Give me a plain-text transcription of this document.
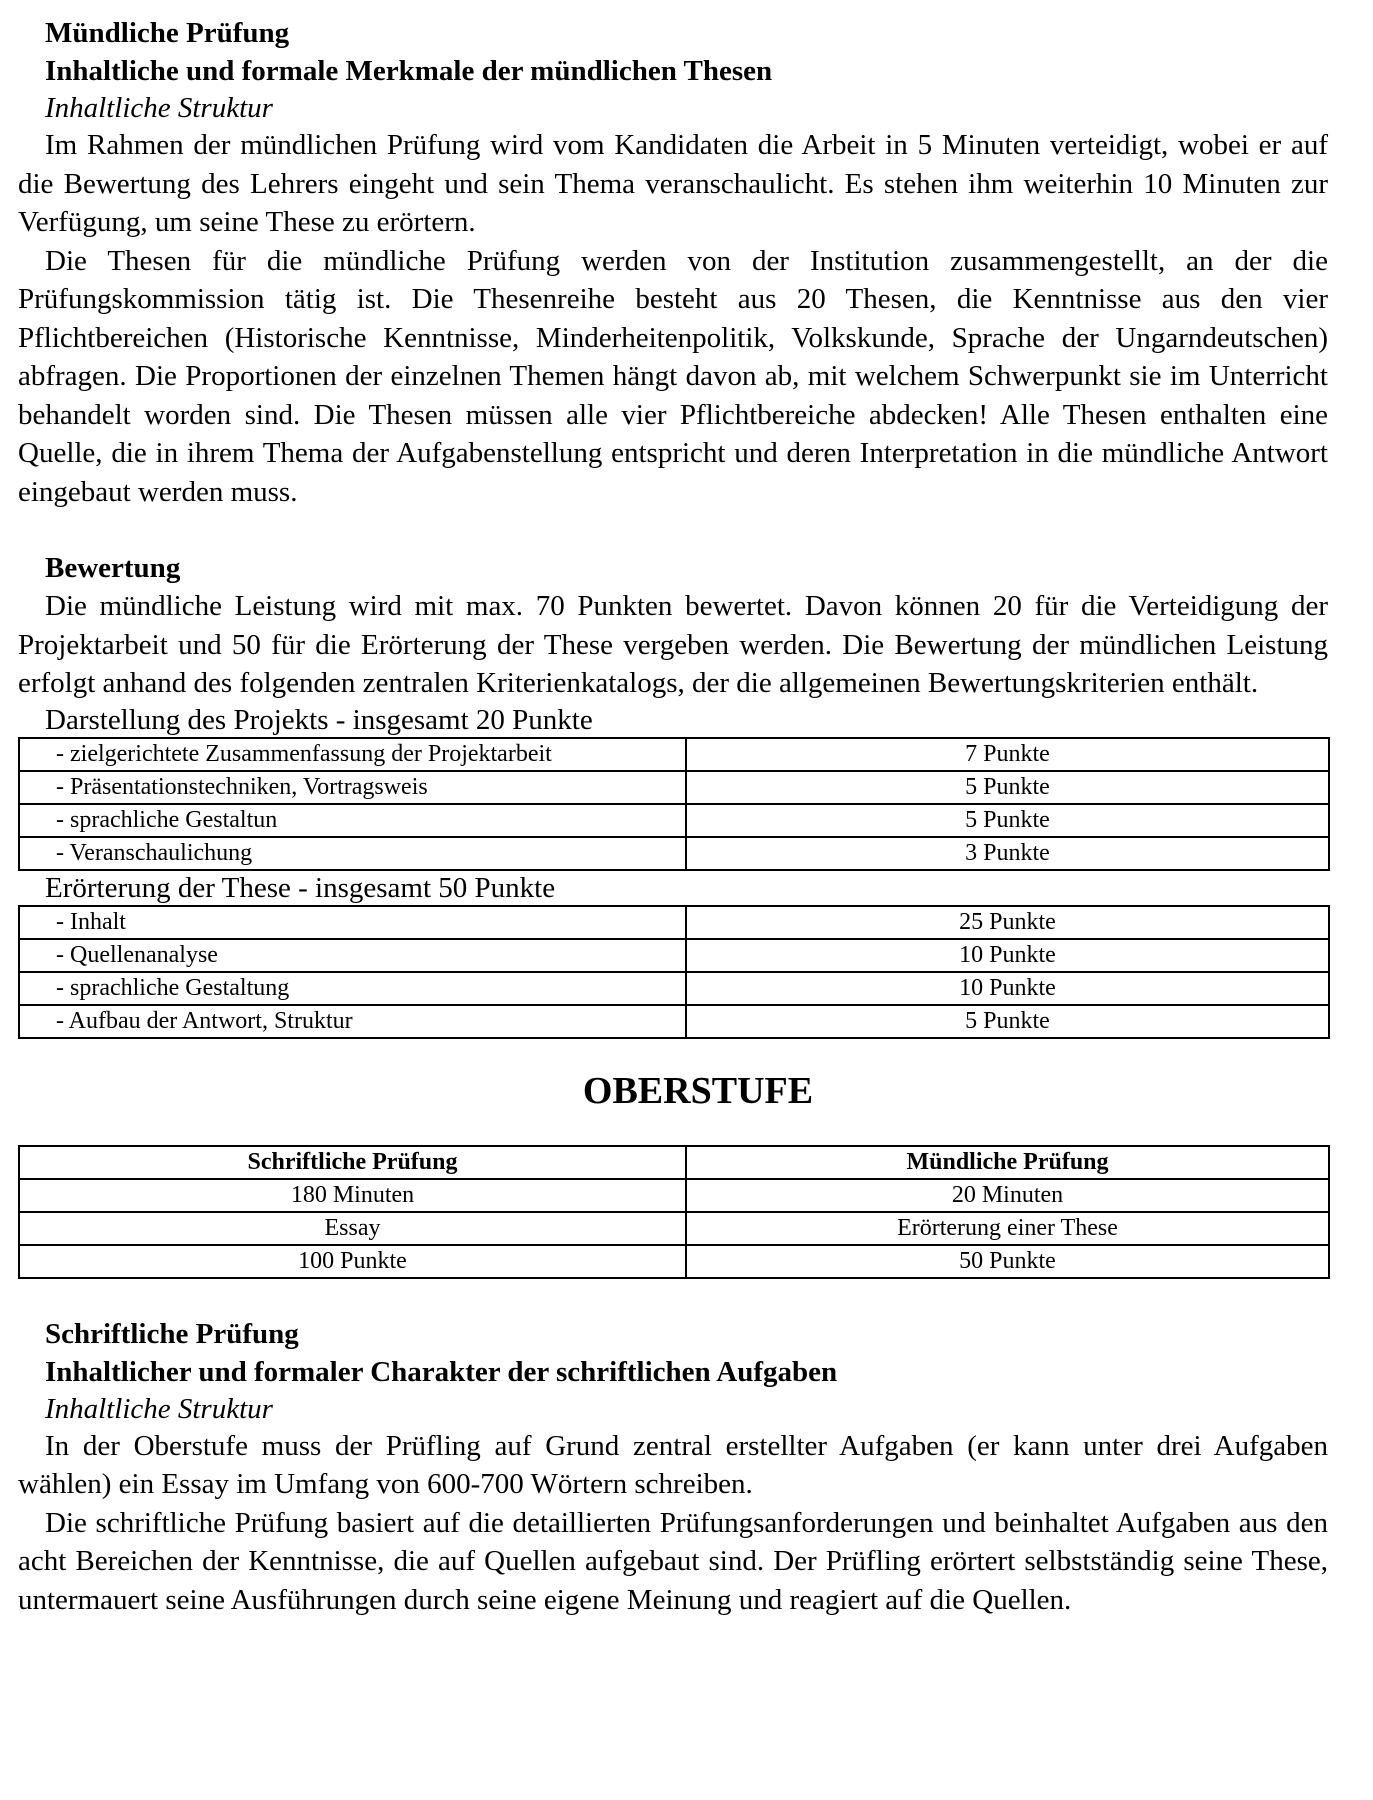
Mündliche Prüfung
Inhaltliche und formale Merkmale der mündlichen Thesen
Inhaltliche Struktur

Im Rahmen der mündlichen Prüfung wird vom Kandidaten die Arbeit in 5 Minuten verteidigt, wobei er auf die Bewertung des Lehrers eingeht und sein Thema veranschaulicht. Es stehen ihm weiterhin 10 Minuten zur Verfügung, um seine These zu erörtern.

Die Thesen für die mündliche Prüfung werden von der Institution zusammengestellt, an der die Prüfungskommission tätig ist. Die Thesenreihe besteht aus 20 Thesen, die Kenntnisse aus den vier Pflichtbereichen (Historische Kenntnisse, Minderheitenpolitik, Volkskunde, Sprache der Ungarndeutschen) abfragen. Die Proportionen der einzelnen Themen hängt davon ab, mit welchem Schwerpunkt sie im Unterricht behandelt worden sind. Die Thesen müssen alle vier Pflichtbereiche abdecken! Alle Thesen enthalten eine Quelle, die in ihrem Thema der Aufgabenstellung entspricht und deren Interpretation in die mündliche Antwort eingebaut werden muss.

Bewertung

Die mündliche Leistung wird mit max. 70 Punkten bewertet. Davon können 20 für die Verteidigung der Projektarbeit und 50 für die Erörterung der These vergeben werden. Die Bewertung der mündlichen Leistung erfolgt anhand des folgenden zentralen Kriterienkatalogs, der die allgemeinen Bewertungskriterien enthält.

Darstellung des Projekts - insgesamt 20 Punkte
- zielgerichtete Zusammenfassung der Projektarbeit	7 Punkte
- Präsentationstechniken, Vortragsweis	5 Punkte
- sprachliche Gestaltun	5 Punkte
- Veranschaulichung	3 Punkte
Erörterung der These - insgesamt 50 Punkte
- Inhalt	25 Punkte
- Quellenanalyse	10 Punkte
- sprachliche Gestaltung	10 Punkte
- Aufbau der Antwort, Struktur	5 Punkte
OBERSTUFE
Schriftliche Prüfung	Mündliche Prüfung
180 Minuten	20 Minuten
Essay	Erörterung einer These
100 Punkte	50 Punkte
Schriftliche Prüfung
Inhaltlicher und formaler Charakter der schriftlichen Aufgaben
Inhaltliche Struktur

In der Oberstufe muss der Prüfling auf Grund zentral erstellter Aufgaben (er kann unter drei Aufgaben wählen) ein Essay im Umfang von 600-700 Wörtern schreiben.

Die schriftliche Prüfung basiert auf die detaillierten Prüfungsanforderungen und beinhaltet Aufgaben aus den acht Bereichen der Kenntnisse, die auf Quellen aufgebaut sind. Der Prüfling erörtert selbstständig seine These, untermauert seine Ausführungen durch seine eigene Meinung und reagiert auf die Quellen.
